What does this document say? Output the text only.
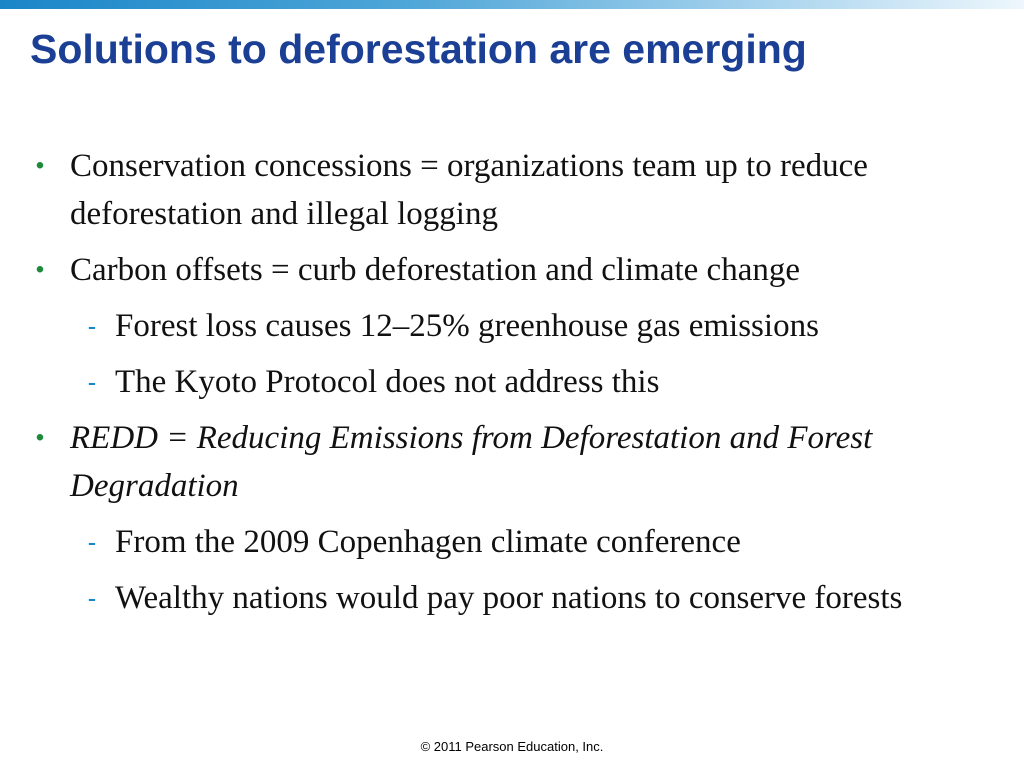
Solutions to deforestation are emerging
• Conservation concessions = organizations team up to reduce deforestation and illegal logging
• Carbon offsets = curb deforestation and climate change
- Forest loss causes 12–25% greenhouse gas emissions
- The Kyoto Protocol does not address this
• REDD = Reducing Emissions from Deforestation and Forest Degradation
- From the 2009 Copenhagen climate conference
- Wealthy nations would pay poor nations to conserve forests
© 2011 Pearson Education, Inc.
